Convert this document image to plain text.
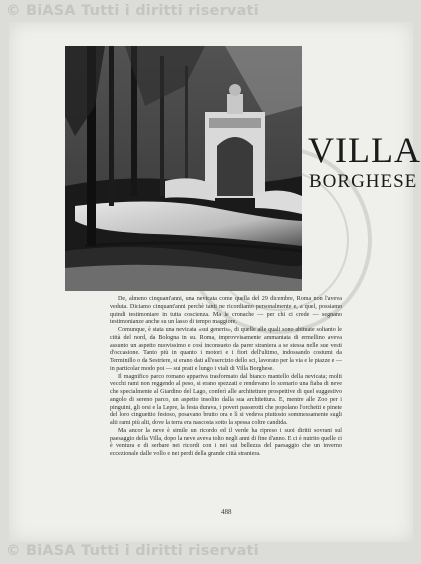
© BiASA Tutti i diritti riservati
VILLA
BORGHESE

De, almeno cinquant'anni, una nevicata come quella del 29 dicembre, Roma non l'aveva veduta. Diciamo cinquant'anni perchè tanti ne ricordiamo personalmente e, a quel, possiamo quindi testimoniare in tutta coscienza. Ma le cronache — per chi ci crede — segnano testimonianze anche su un lasso di tempo maggiore.

Comunque, è stata una nevicata «sui generis», di quelle alle quali sono abituate soltanto le città del nord, da Bologna in su. Roma, improvvisamente ammantata di ermellino aveva assunto un aspetto nuovissimo e così inconsueto da parer straniera a se stessa nelle sue vesti d'occasione. Tanto più in quanto i motori e i fiori dell'ultimo, indossando costumi da Terminillo o da Sestriere, si erano dati all'esercizio dello sci, lavorato per la via e le piazze e — in particolar modo poi — sui prati e lungo i viali di Villa Borghese.

Il magnifico parco romano appariva trasformato dal bianco mantello della nevicata; molti vecchi rami non reggendo al peso, si erano spezzati e rendevano lo scenario una fiaba di neve che specialmente al Giardino del Lago, conferì alle architetture prospettive di quel suggestivo angolo di sereno parco, un aspetto insolito dalla sua architettura. E, mentre alle Zoo per i pinguini, gli orsi e la Lepre, la festa durava, i poveri passerotti che popolano l'orchetti e pinete del loro cinguettio festoso, posavano brutto ora e lì si vedeva piuttosto sommessamente sugli alti rami più alti, dove la terra era nascosta sotto la spessa coltre candida.

Ma ancor la neve è simile un ricordo ed il verde ha ripreso i suoi diritti sovrani sul paesaggio della Villa, dopo la neve aveva tolto negli anni di fine d'anno. E ci è nutrito quelle ci è ventura e di serbare nei ricordi con i nei sui bellezza del paesaggio che un inverno eccezionale dalle vollo e nei perdi della grande città straniera.

488
© BiASA Tutti i diritti riservati
